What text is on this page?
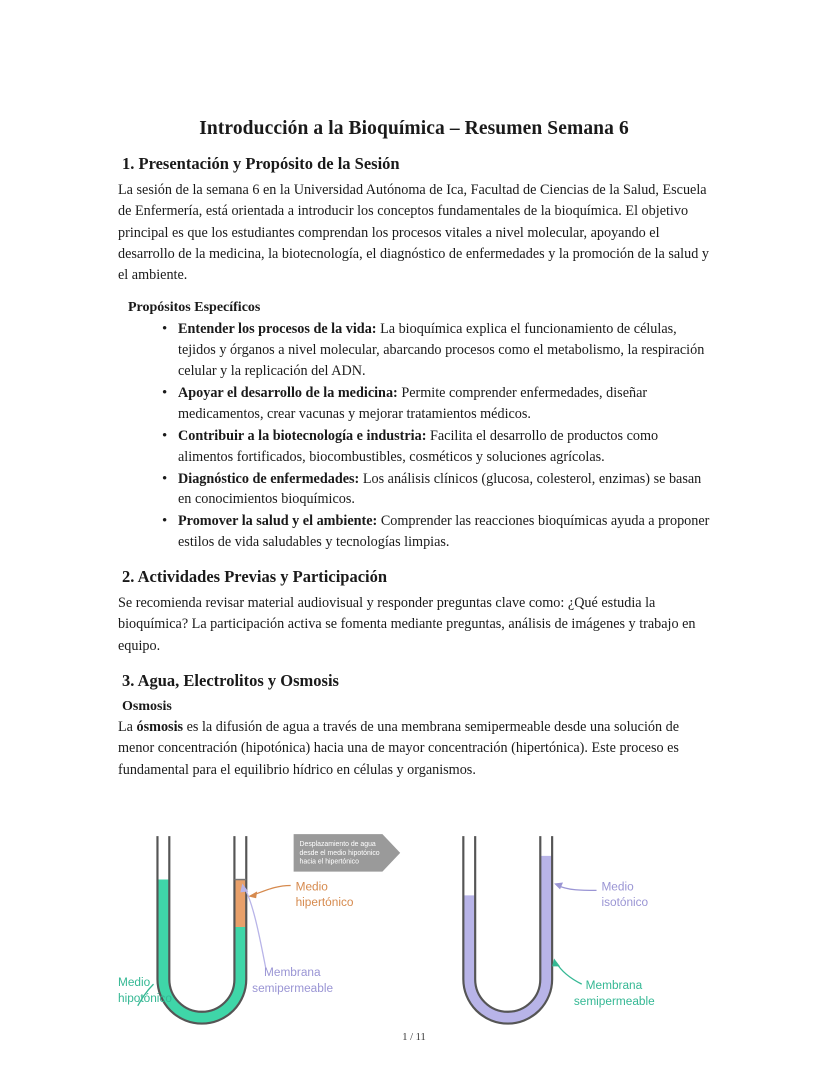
Introducción a la Bioquímica – Resumen Semana 6
1. Presentación y Propósito de la Sesión

La sesión de la semana 6 en la Universidad Autónoma de Ica, Facultad de Ciencias de la Salud, Escuela de Enfermería, está orientada a introducir los conceptos fundamentales de la bioquímica. El objetivo principal es que los estudiantes comprendan los procesos vitales a nivel molecular, apoyando el desarrollo de la medicina, la biotecnología, el diagnóstico de enfermedades y la promoción de la salud y el ambiente.

Propósitos Específicos
• Entender los procesos de la vida: La bioquímica explica el funcionamiento de células, tejidos y órganos a nivel molecular, abarcando procesos como el metabolismo, la respiración celular y la replicación del ADN.
• Apoyar el desarrollo de la medicina: Permite comprender enfermedades, diseñar medicamentos, crear vacunas y mejorar tratamientos médicos.
• Contribuir a la biotecnología e industria: Facilita el desarrollo de productos como alimentos fortificados, biocombustibles, cosméticos y soluciones agrícolas.
• Diagnóstico de enfermedades: Los análisis clínicos (glucosa, colesterol, enzimas) se basan en conocimientos bioquímicos.
• Promover la salud y el ambiente: Comprender las reacciones bioquímicas ayuda a proponer estilos de vida saludables y tecnologías limpias.
2. Actividades Previas y Participación

Se recomienda revisar material audiovisual y responder preguntas clave como: ¿Qué estudia la bioquímica? La participación activa se fomenta mediante preguntas, análisis de imágenes y trabajo en equipo.

3. Agua, Electrolitos y Osmosis
Osmosis

La ósmosis es la difusión de agua a través de una membrana semipermeable desde una solución de menor concentración (hipotónica) hacia una de mayor concentración (hipertónica). Este proceso es fundamental para el equilibrio hídrico en células y organismos.

Desplazamiento de agua
desde el medio hipotónico
hacia el hipertónico
Medio
hipertónico
Membrana
semipermeable
Medio
hipotónico
Medio
isotónico
Membrana
semipermeable
1 / 11
